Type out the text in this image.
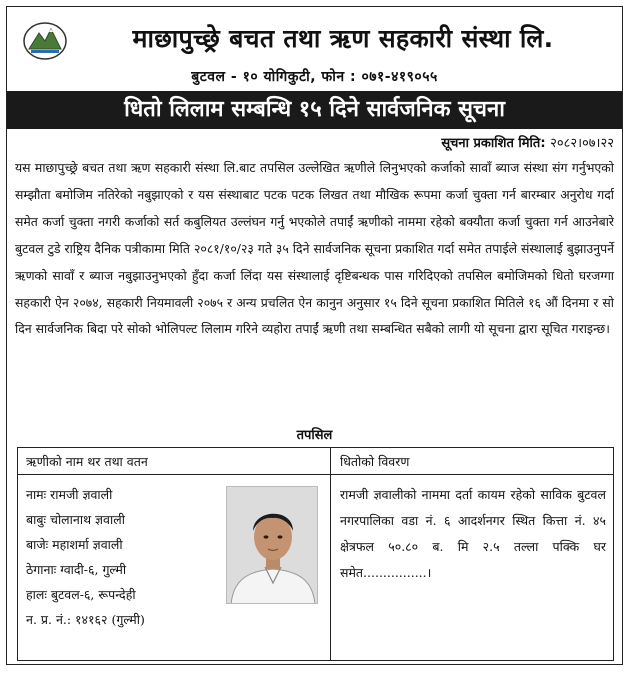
माछापुच्छ्रे बचत तथा ऋण सहकारी संस्था लि.
बुटवल - १० योगिकुटी, फोन : ०७१-४१९०५५
धितो लिलाम सम्बन्धि १५ दिने सार्वजनिक सूचना
सूचना प्रकाशित मिति: २०८२।०७।२२
यस माछापुच्छ्रे बचत तथा ऋण सहकारी संस्था लि.बाट तपसिल उल्लेखित ऋणीले लिनुभएको कर्जाको सावाँ ब्याज संस्था संग गर्नुभएको सम्झौता बमोजिम नतिरेको नबुझाएको र यस संस्थाबाट पटक पटक लिखत तथा मौखिक रूपमा कर्जा चुक्ता गर्न बारम्बार अनुरोध गर्दा समेत कर्जा चुक्ता नगरी कर्जाको सर्त कबुलियत उल्लंघन गर्नु भएकोले तपाईं ऋणीको नाममा रहेको बक्यौता कर्जा चुक्ता गर्न आउनेबारे बुटवल टुडे राष्ट्रिय दैनिक पत्रीकामा मिति २०८१/१०/२३ गते ३५ दिने सार्वजनिक सूचना प्रकाशित गर्दा समेत तपाईले संस्थालाई बुझाउनुपर्ने ऋणको सावाँ र ब्याज नबुझाउनुभएको हुँदा कर्जा लिंदा यस संस्थालाई दृष्टिबन्धक पास गरिदिएको तपसिल बमोजिमको धितो घरजग्गा सहकारी ऐन २०७४, सहकारी नियमावली २०७५ र अन्य प्रचलित ऐन कानुन अनुसार १५ दिने सूचना प्रकाशित मितिले १६ औं दिनमा र सो दिन सार्वजनिक बिदा परे सोको भोलिपल्ट लिलाम गरिने व्यहोरा तपाईं ऋणी तथा सम्बन्धित सबैको लागी यो सूचना द्वारा सूचित गराइन्छ।
तपसिल
ऋणीको नाम थर तथा वतन	धितोको विवरण
नामः रामजी ज्ञवाली
बाबुः चोलानाथ ज्ञवाली
बाजेः महाशर्मा ज्ञवाली
ठेगानाः ग्वादी-६, गुल्मी
हालः बुटवल-६, रूपन्देही
न. प्र. नं.: १४१६२ (गुल्मी)
रामजी ज्ञवालीको नाममा दर्ता कायम रहेको साविक बुटवल नगरपालिका वडा नं. ६ आदर्शनगर स्थित कित्ता नं. ४५ क्षेत्रफल ५०.८० ब. मि २.५ तल्ला पक्कि घर समेत................।
